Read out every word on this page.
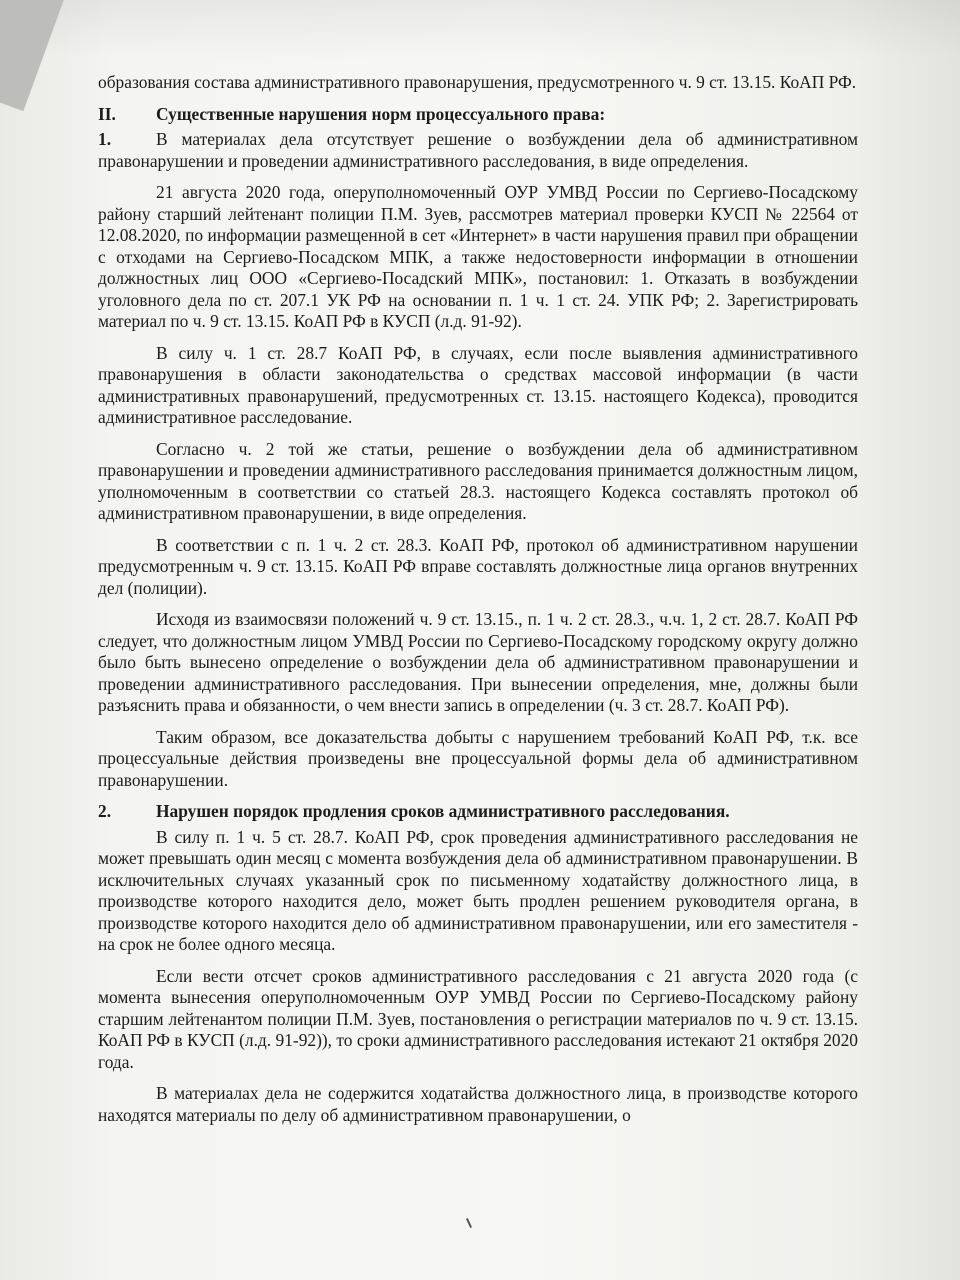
образования состава административного правонарушения, предусмотренного ч. 9 ст. 13.15. КоАП РФ.

II.	Существенные нарушения норм процессуального права:

1.	В материалах дела отсутствует решение о возбуждении дела об административном правонарушении и проведении административного расследования, в виде определения.

21 августа 2020 года, оперуполномоченный ОУР УМВД России по Сергиево-Посадскому району старший лейтенант полиции П.М. Зуев, рассмотрев материал проверки КУСП № 22564 от 12.08.2020, по информации размещенной в сет «Интернет» в части нарушения правил при обращении с отходами на Сергиево-Посадском МПК, а также недостоверности информации в отношении должностных лиц ООО «Сергиево-Посадский МПК», постановил: 1. Отказать в возбуждении уголовного дела по ст. 207.1 УК РФ на основании п. 1 ч. 1 ст. 24. УПК РФ; 2. Зарегистрировать материал по ч. 9 ст. 13.15. КоАП РФ в КУСП (л.д. 91-92).

В силу ч. 1 ст. 28.7 КоАП РФ, в случаях, если после выявления административного правонарушения в области законодательства о средствах массовой информации (в части административных правонарушений, предусмотренных ст. 13.15. настоящего Кодекса), проводится административное расследование.

Согласно ч. 2 той же статьи, решение о возбуждении дела об административном правонарушении и проведении административного расследования принимается должностным лицом, уполномоченным в соответствии со статьей 28.3. настоящего Кодекса составлять протокол об административном правонарушении, в виде определения.

В соответствии с п. 1 ч. 2 ст. 28.3. КоАП РФ, протокол об административном нарушении предусмотренным ч. 9 ст. 13.15. КоАП РФ вправе составлять должностные лица органов внутренних дел (полиции).

Исходя из взаимосвязи положений ч. 9 ст. 13.15., п. 1 ч. 2 ст. 28.3., ч.ч. 1, 2 ст. 28.7. КоАП РФ следует, что должностным лицом УМВД России по Сергиево-Посадскому городскому округу должно было быть вынесено определение о возбуждении дела об административном правонарушении и проведении административного расследования. При вынесении определения, мне, должны были разъяснить права и обязанности, о чем внести запись в определении (ч. 3 ст. 28.7. КоАП РФ).

Таким образом, все доказательства добыты с нарушением требований КоАП РФ, т.к. все процессуальные действия произведены вне процессуальной формы дела об административном правонарушении.

2.	Нарушен порядок продления сроков административного расследования.

В силу п. 1 ч. 5 ст. 28.7. КоАП РФ, срок проведения административного расследования не может превышать один месяц с момента возбуждения дела об административном правонарушении. В исключительных случаях указанный срок по письменному ходатайству должностного лица, в производстве которого находится дело, может быть продлен решением руководителя органа, в производстве которого находится дело об административном правонарушении, или его заместителя - на срок не более одного месяца.

Если вести отсчет сроков административного расследования с 21 августа 2020 года (с момента вынесения оперуполномоченным ОУР УМВД России по Сергиево-Посадскому району старшим лейтенантом полиции П.М. Зуев, постановления о регистрации материалов по ч. 9 ст. 13.15. КоАП РФ в КУСП (л.д. 91-92)), то сроки административного расследования истекают 21 октября 2020 года.

В материалах дела не содержится ходатайства должностного лица, в производстве которого находятся материалы по делу об административном правонарушении, о
